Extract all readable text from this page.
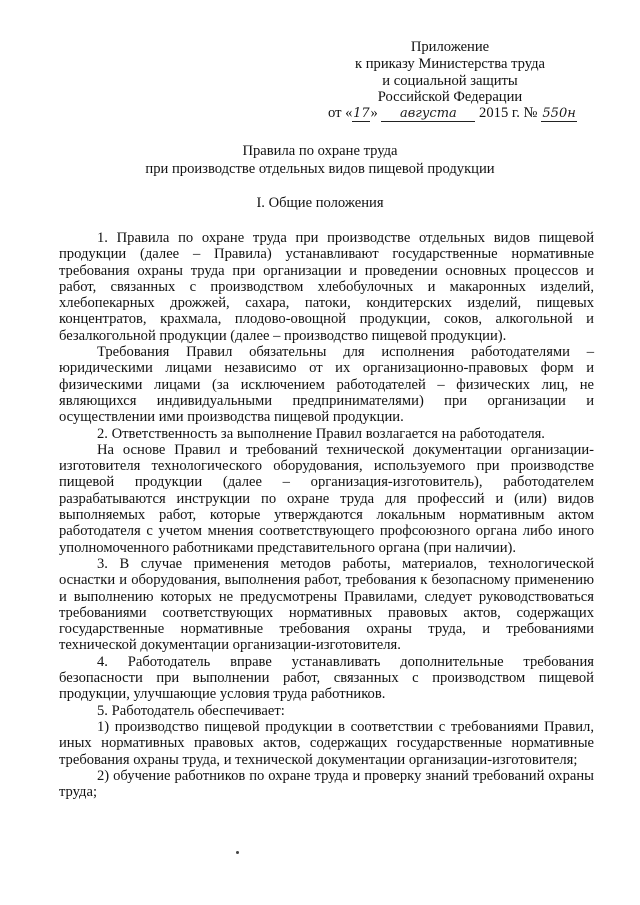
Приложение
к приказу Министерства труда
и социальной защиты
Российской Федерации
от «17» августа 2015 г. № 550н
Правила по охране труда
при производстве отдельных видов пищевой продукции
I. Общие положения

1. Правила по охране труда при производстве отдельных видов пищевой продукции (далее – Правила) устанавливают государственные нормативные требования охраны труда при организации и проведении основных процессов и работ, связанных с производством хлебобулочных и макаронных изделий, хлебопекарных дрожжей, сахара, патоки, кондитерских изделий, пищевых концентратов, крахмала, плодово-овощной продукции, соков, алкогольной и безалкогольной продукции (далее – производство пищевой продукции).

Требования Правил обязательны для исполнения работодателями – юридическими лицами независимо от их организационно-правовых форм и физическими лицами (за исключением работодателей – физических лиц, не являющихся индивидуальными предпринимателями) при организации и осуществлении ими производства пищевой продукции.

2. Ответственность за выполнение Правил возлагается на работодателя.

На основе Правил и требований технической документации организации-изготовителя технологического оборудования, используемого при производстве пищевой продукции (далее – организация-изготовитель), работодателем разрабатываются инструкции по охране труда для профессий и (или) видов выполняемых работ, которые утверждаются локальным нормативным актом работодателя с учетом мнения соответствующего профсоюзного органа либо иного уполномоченного работниками представительного органа (при наличии).

3. В случае применения методов работы, материалов, технологической оснастки и оборудования, выполнения работ, требования к безопасному применению и выполнению которых не предусмотрены Правилами, следует руководствоваться требованиями соответствующих нормативных правовых актов, содержащих государственные нормативные требования охраны труда, и требованиями технической документации организации-изготовителя.

4. Работодатель вправе устанавливать дополнительные требования безопасности при выполнении работ, связанных с производством пищевой продукции, улучшающие условия труда работников.

5. Работодатель обеспечивает:

1) производство пищевой продукции в соответствии с требованиями Правил, иных нормативных правовых актов, содержащих государственные нормативные требования охраны труда, и технической документации организации-изготовителя;

2) обучение работников по охране труда и проверку знаний требований охраны труда;
